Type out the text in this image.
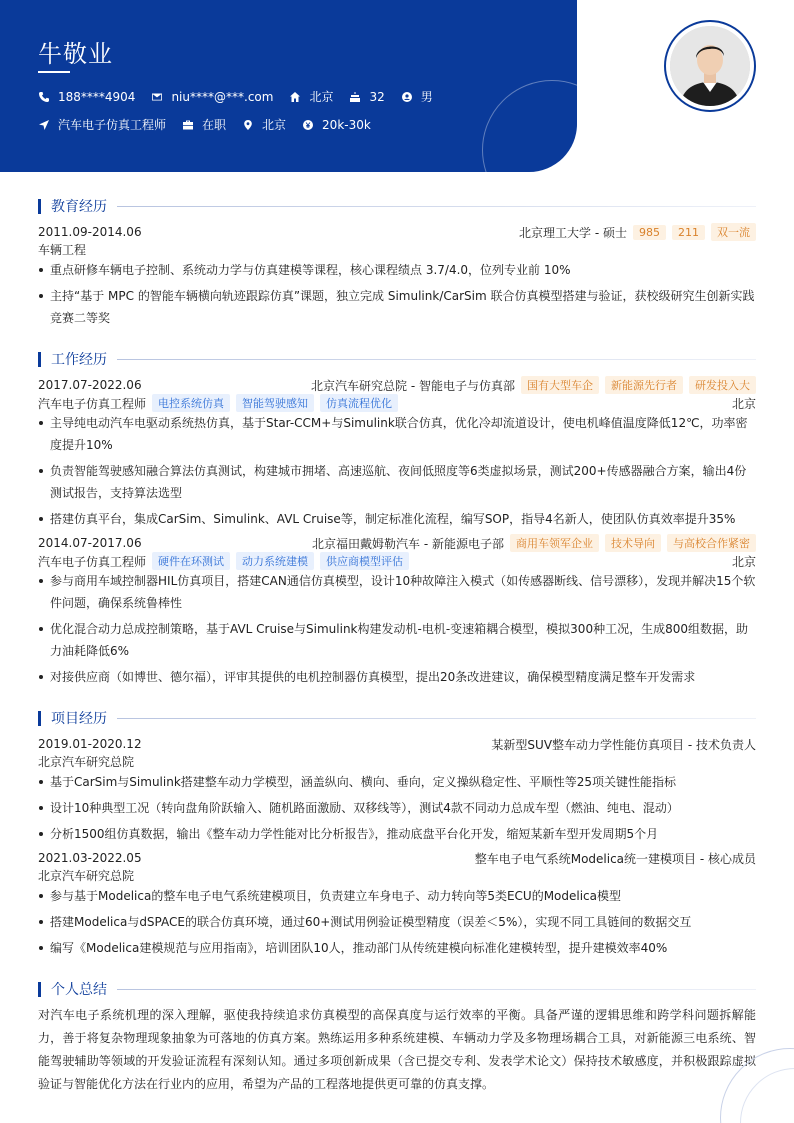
牛敬业
188****4904	niu****@***.com	北京	32	男
汽车电子仿真工程师	在职	北京	20k-30k
教育经历
2011.09-2014.06	北京理工大学 - 硕士	985	211	双一流
车辆工程
重点研修车辆电子控制、系统动力学与仿真建模等课程，核心课程绩点 3.7/4.0，位列专业前 10%
主持“基于 MPC 的智能车辆横向轨迹跟踪仿真”课题，独立完成 Simulink/CarSim 联合仿真模型搭建与验证，获校级研究生创新实践竞赛二等奖
工作经历
2017.07-2022.06	北京汽车研究总院 - 智能电子与仿真部	国有大型车企	新能源先行者	研发投入大
汽车电子仿真工程师	电控系统仿真	智能驾驶感知	仿真流程优化	北京
主导纯电动汽车电驱动系统热仿真，基于Star-CCM+与Simulink联合仿真，优化冷却流道设计，使电机峰值温度降低12℃，功率密度提升10%
负责智能驾驶感知融合算法仿真测试，构建城市拥堵、高速巡航、夜间低照度等6类虚拟场景，测试200+传感器融合方案，输出4份测试报告，支持算法选型
搭建仿真平台，集成CarSim、Simulink、AVL Cruise等，制定标准化流程，编写SOP，指导4名新人，使团队仿真效率提升35%
2014.07-2017.06	北京福田戴姆勒汽车 - 新能源电子部	商用车领军企业	技术导向	与高校合作紧密
汽车电子仿真工程师	硬件在环测试	动力系统建模	供应商模型评估	北京
参与商用车域控制器HIL仿真项目，搭建CAN通信仿真模型，设计10种故障注入模式（如传感器断线、信号漂移），发现并解决15个软件问题，确保系统鲁棒性
优化混合动力总成控制策略，基于AVL Cruise与Simulink构建发动机-电机-变速箱耦合模型，模拟300种工况，生成800组数据，助力油耗降低6%
对接供应商（如博世、德尔福），评审其提供的电机控制器仿真模型，提出20条改进建议，确保模型精度满足整车开发需求
项目经历
2019.01-2020.12	某新型SUV整车动力学性能仿真项目 - 技术负责人
北京汽车研究总院
基于CarSim与Simulink搭建整车动力学模型，涵盖纵向、横向、垂向，定义操纵稳定性、平顺性等25项关键性能指标
设计10种典型工况（转向盘角阶跃输入、随机路面激励、双移线等），测试4款不同动力总成车型（燃油、纯电、混动）
分析1500组仿真数据，输出《整车动力学性能对比分析报告》，推动底盘平台化开发，缩短某新车型开发周期5个月
2021.03-2022.05	整车电子电气系统Modelica统一建模项目 - 核心成员
北京汽车研究总院
参与基于Modelica的整车电子电气系统建模项目，负责建立车身电子、动力转向等5类ECU的Modelica模型
搭建Modelica与dSPACE的联合仿真环境，通过60+测试用例验证模型精度（误差＜5%），实现不同工具链间的数据交互
编写《Modelica建模规范与应用指南》，培训团队10人，推动部门从传统建模向标准化建模转型，提升建模效率40%
个人总结
对汽车电子系统机理的深入理解，驱使我持续追求仿真模型的高保真度与运行效率的平衡。具备严谨的逻辑思维和跨学科问题拆解能力，善于将复杂物理现象抽象为可落地的仿真方案。熟练运用多种系统建模、车辆动力学及多物理场耦合工具，对新能源三电系统、智能驾驶辅助等领域的开发验证流程有深刻认知。通过多项创新成果（含已提交专利、发表学术论文）保持技术敏感度，并积极跟踪虚拟验证与智能优化方法在行业内的应用，希望为产品的工程落地提供更可靠的仿真支撑。
